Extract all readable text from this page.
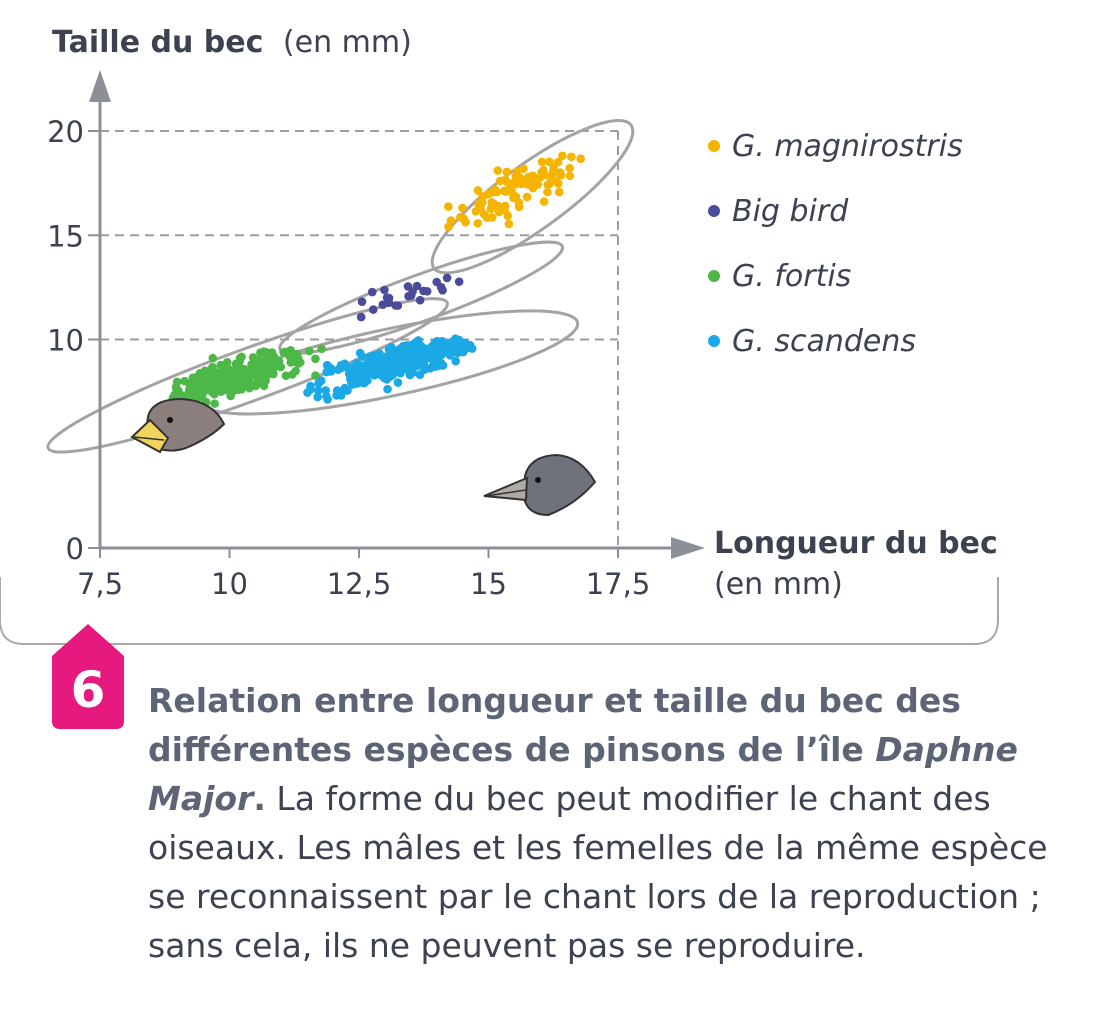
7,5	10	12,5	15	17,5
0
10
15
20
Taille du bec (en mm)
Longueur du bec
(en mm)
G. magnirostris
Big bird
G. fortis
G. scandens
6	Relation entre longueur et taille du bec des différentes espèces de pinsons de l’île Daphne Major. La forme du bec peut modifier le chant des oiseaux. Les mâles et les femelles de la même espèce se reconnaissent par le chant lors de la reproduction ; sans cela, ils ne peuvent pas se reproduire.
